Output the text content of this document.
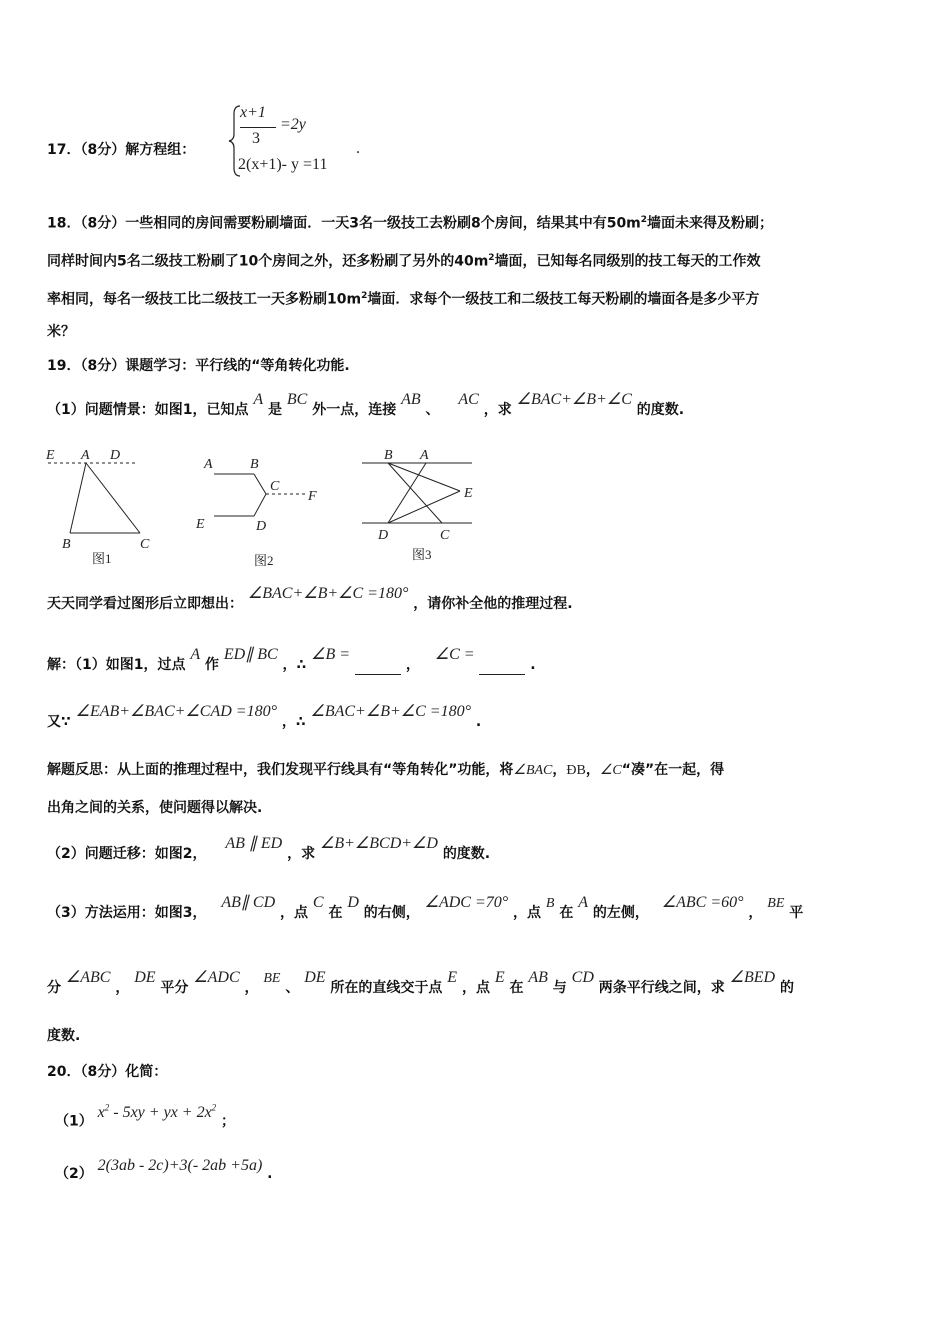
17．（8分）解方程组：
x+1
3
=2y
2(x+1)- y =11
.
18．（8分）一些相同的房间需要粉刷墙面．一天3名一级技工去粉刷8个房间，结果其中有$50m^2$墙面未来得及粉刷；
同样时间内5名二级技工粉刷了10个房间之外，还多粉刷了另外的$40m^2$墙面，已知每名同级别的技工每天的工作效
率相同，每名一级技工比二级技工一天多粉刷$10m^2$墙面．求每个一级技工和二级技工每天粉刷的墙面各是多少平方
米？
19．（8分）课题学习：平行线的“等角转化功能.
（1）问题情景：如图1，已知点 A 是 BC 外一点，连接 AB 、 AC ，求 ∠BAC+∠B+∠C 的度数.
E A D
B	C
图1
A	B
C
F
E	D
图2
B A
E
D	C
图3
天天同学看过图形后立即想出： ∠BAC+∠B+∠C =180° ，请你补全他的推理过程.
解：（1）如图1，过点 A 作 ED∥ BC ，∴ ∠B =  ， ∠C =  .
又∵ ∠EAB+∠BAC+∠CAD =180° ，∴ ∠BAC+∠B+∠C =180° .
解题反思：从上面的推理过程中，我们发现平行线具有“等角转化”功能，将∠BAC，ÐB，∠C“凑”在一起，得
出角之间的关系，使问题得以解决.
（2）问题迁移：如图2， AB ∥ ED ，求 ∠B+∠BCD+∠D 的度数.
（3）方法运用：如图3， AB∥ CD ，点 C 在 D 的右侧， ∠ADC =70° ，点 B 在 A 的左侧， ∠ABC =60° ， BE 平
分 ∠ABC ， DE 平分 ∠ADC ， BE 、 DE 所在的直线交于点 E ，点 E 在 AB 与 CD 两条平行线之间，求 ∠BED 的
度数.
20．（8分）化简：
（1） $x^2 - 5xy$ + yx + $2x^2$ ；
（2） 2(3ab - 2c)+3(- 2ab +5a) .
